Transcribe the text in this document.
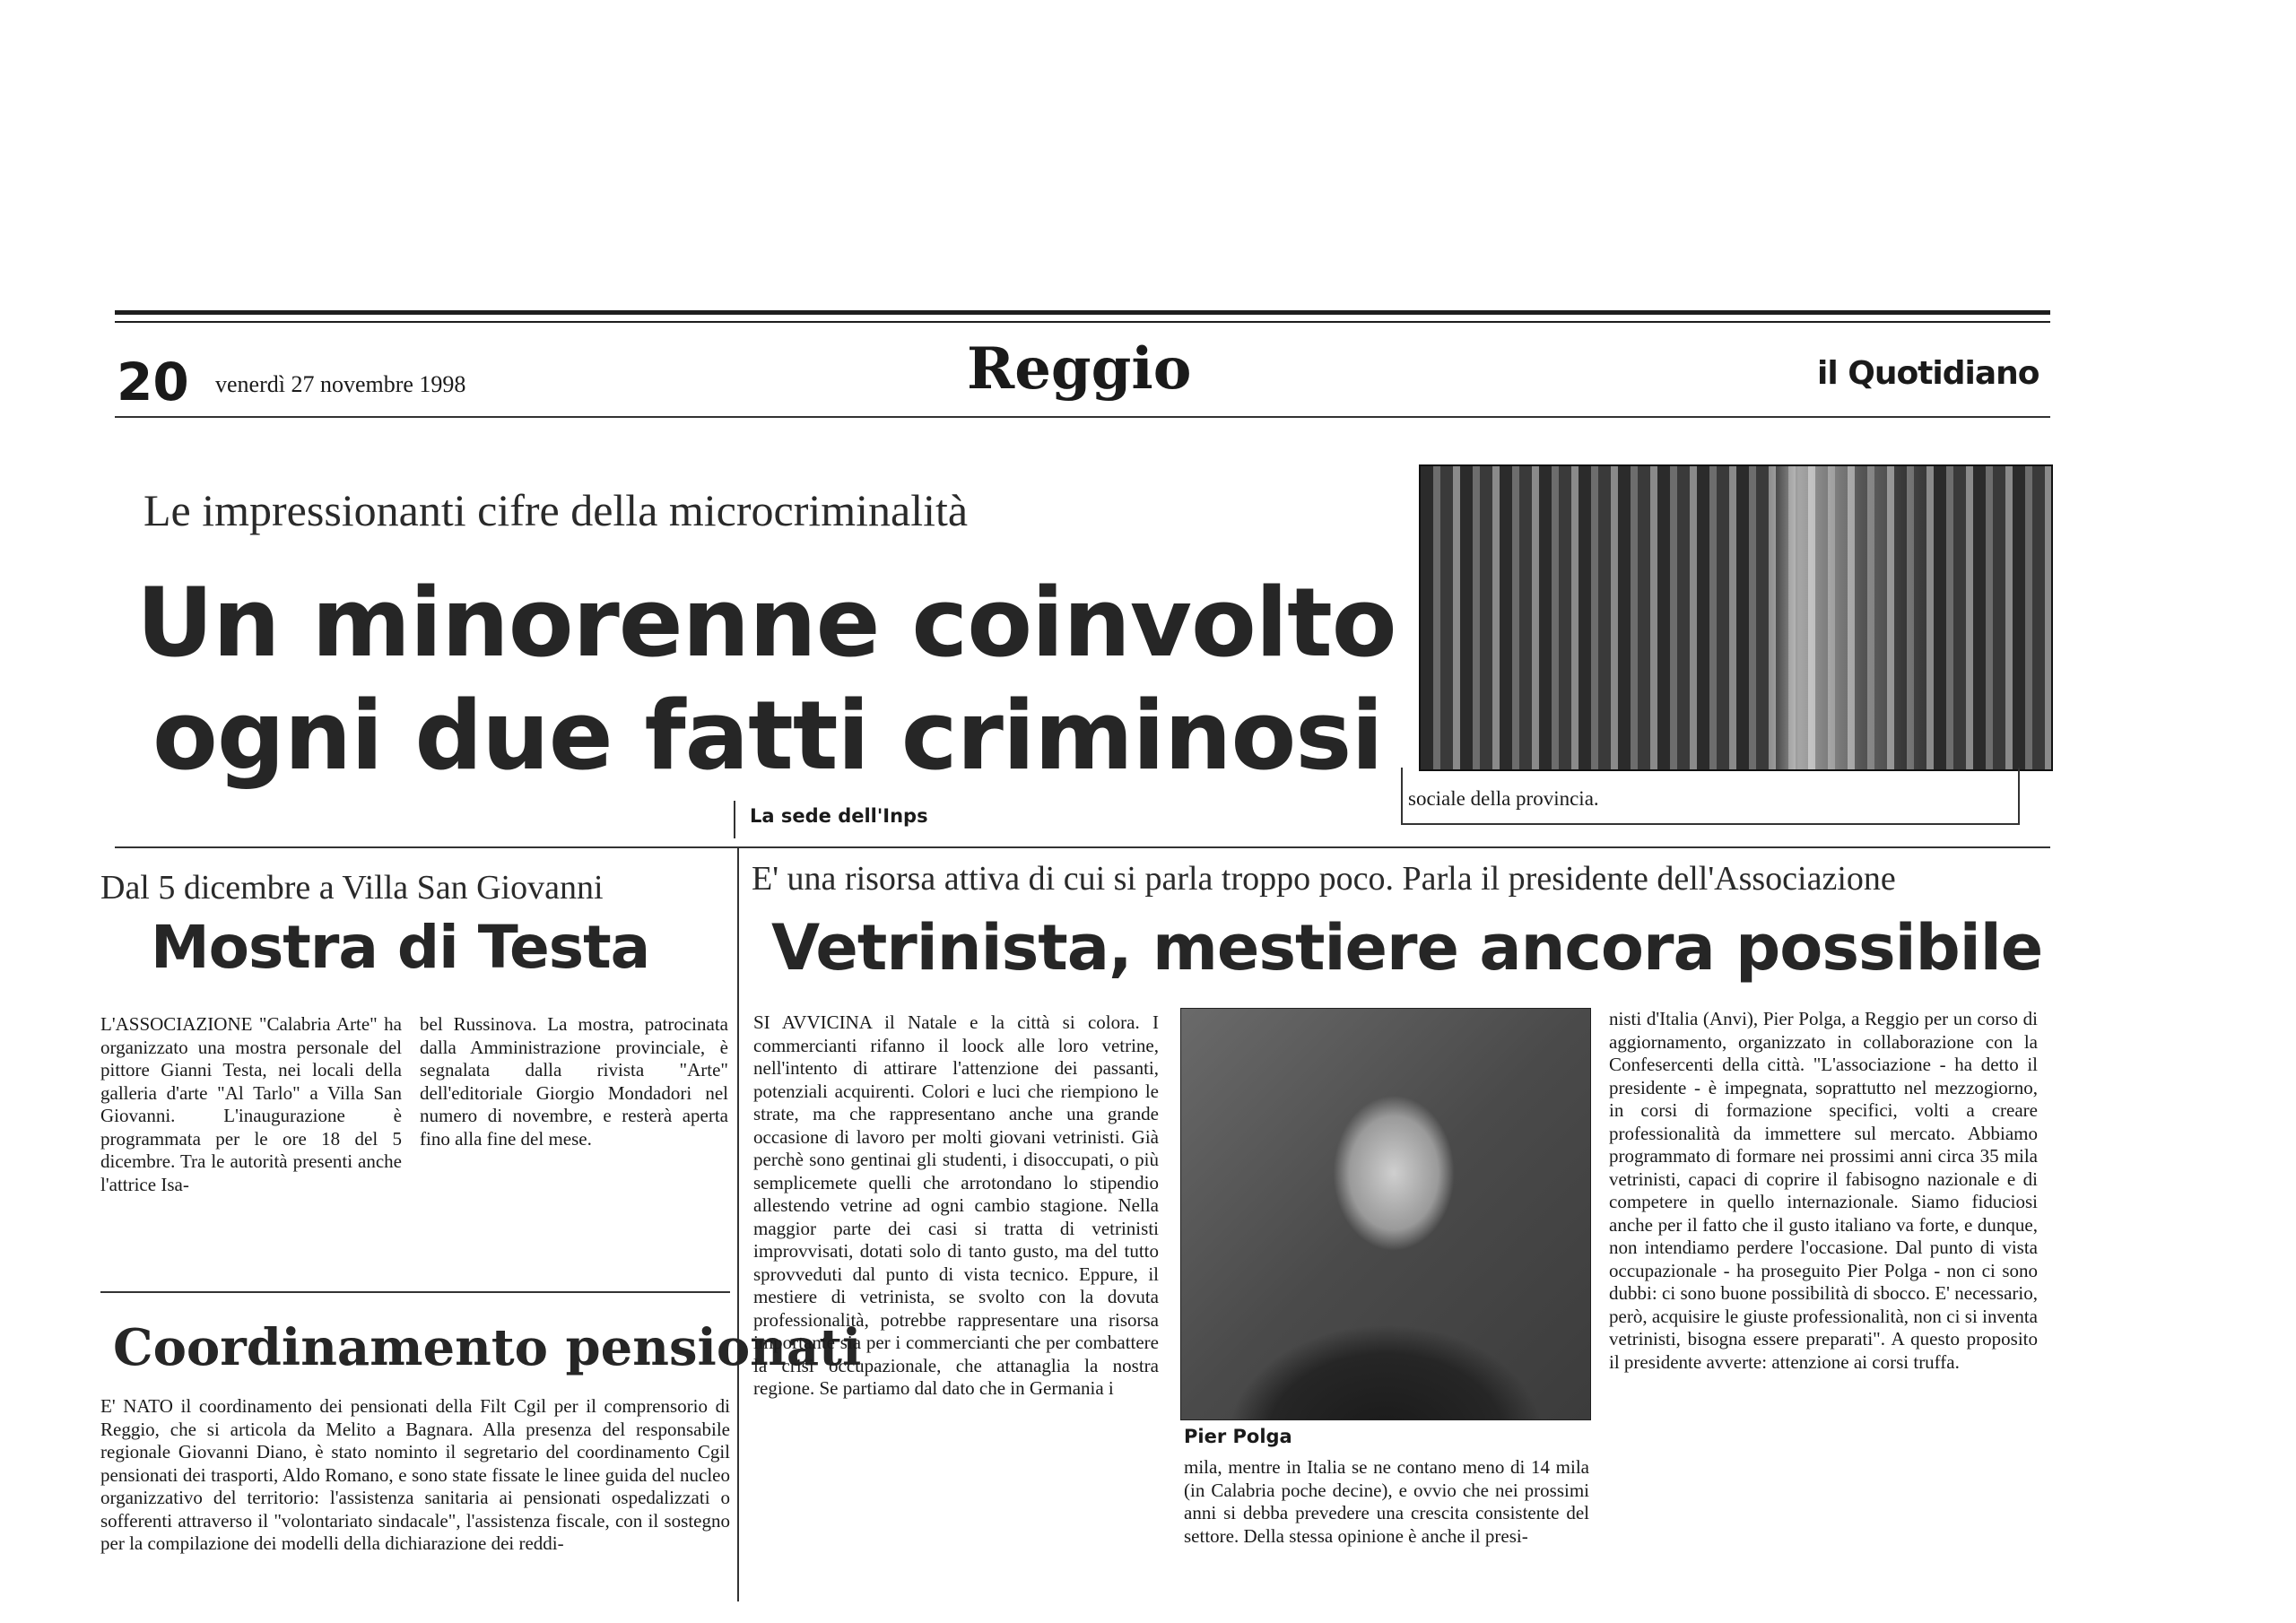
20 venerdì 27 novembre 1998	Reggio	il Quotidiano
Le impressionanti cifre della microcriminalità
Un minorenne coinvolto
ogni due fatti criminosi
La sede dell'Inps
sociale della provincia.
Dal 5 dicembre a Villa San Giovanni
Mostra di Testa
L'ASSOCIAZIONE "Calabria Arte" ha organizzato una mostra personale del pittore Gianni Testa, nei locali della galleria d'arte "Al Tarlo" a Villa San Giovanni. L'inaugurazione è programmata per le ore 18 del 5 dicembre. Tra le autorità presenti anche l'attrice Isa-
bel Russinova. La mostra, patrocinata dalla Amministrazione provinciale, è segnalata dalla rivista "Arte" dell'editoriale Giorgio Mondadori nel numero di novembre, e resterà aperta fino alla fine del mese.
Coordinamento pensionati
E' NATO il coordinamento dei pensionati della Filt Cgil per il comprensorio di Reggio, che si articola da Melito a Bagnara. Alla presenza del responsabile regionale Giovanni Diano, è stato nominto il segretario del coordinamento Cgil pensionati dei trasporti, Aldo Romano, e sono state fissate le linee guida del nucleo organizzativo del territorio: l'assistenza sanitaria ai pensionati ospedalizzati o sofferenti attraverso il "volontariato sindacale", l'assistenza fiscale, con il sostegno per la compilazione dei modelli della dichiarazione dei reddi-
E' una risorsa attiva di cui si parla troppo poco. Parla il presidente dell'Associazione
Vetrinista, mestiere ancora possibile
SI AVVICINA il Natale e la città si colora. I commercianti rifanno il loock alle loro vetrine, nell'intento di attirare l'attenzione dei passanti, potenziali acquirenti. Colori e luci che riempiono le strate, ma che rappresentano anche una grande occasione di lavoro per molti giovani vetrinisti. Già perchè sono gentinai gli studenti, i disoccupati, o più semplicemete quelli che arrotondano lo stipendio allestendo vetrine ad ogni cambio stagione. Nella maggior parte dei casi si tratta di vetrinisti improvvisati, dotati solo di tanto gusto, ma del tutto sprovveduti dal punto di vista tecnico. Eppure, il mestiere di vetrinista, se svolto con la dovuta professionalità, potrebbe rappresentare una risorsa importante sia per i commercianti che per combattere la crisi occupazionale, che attanaglia la nostra regione. Se partiamo dal dato che in Germania i
Pier Polga
mila, mentre in Italia se ne contano meno di 14 mila (in Calabria poche decine), e ovvio che nei prossimi anni si debba prevedere una crescita consistente del settore. Della stessa opinione è anche il presi-
nisti d'Italia (Anvi), Pier Polga, a Reggio per un corso di aggiornamento, organizzato in collaborazione con la Confesercenti della città. "L'associazione - ha detto il presidente - è impegnata, soprattutto nel mezzogiorno, in corsi di formazione specifici, volti a creare professionalità da immettere sul mercato. Abbiamo programmato di formare nei prossimi anni circa 35 mila vetrinisti, capaci di coprire il fabisogno nazionale e di competere in quello internazionale. Siamo fiduciosi anche per il fatto che il gusto italiano va forte, e dunque, non intendiamo perdere l'occasione. Dal punto di vista occupazionale - ha proseguito Pier Polga - non ci sono dubbi: ci sono buone possibilità di sbocco. E' necessario, però, acquisire le giuste professionalità, non ci si inventa vetrinisti, bisogna essere preparati". A questo proposito il presidente avverte: attenzione ai corsi truffa.
